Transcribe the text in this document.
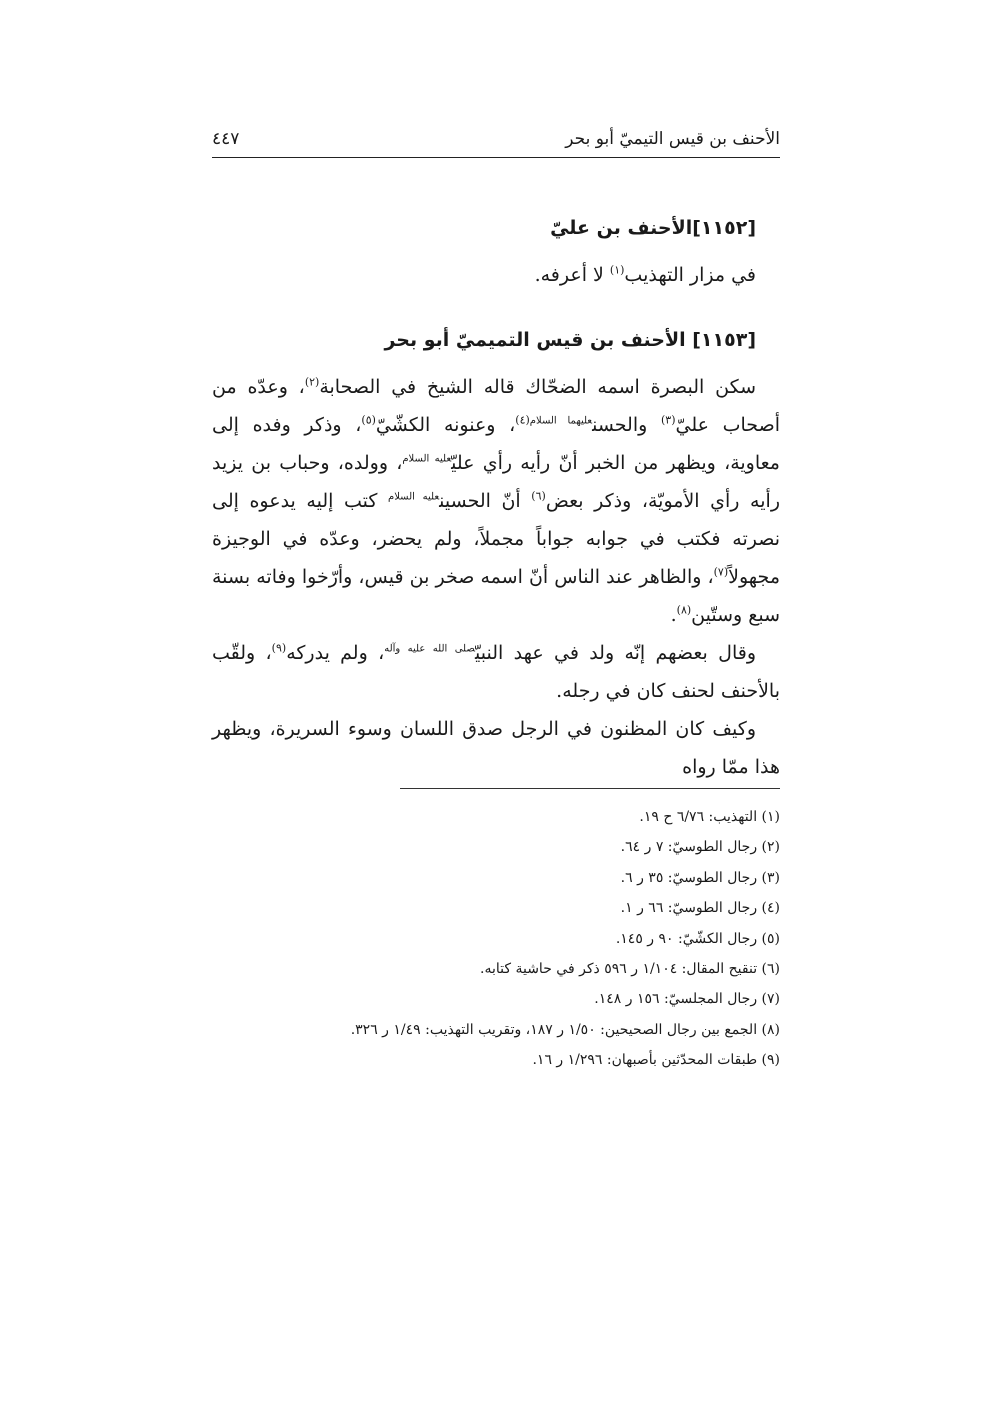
الأحنف بن قيس التيميّ أبو بحر
٤٤٧
[١١٥٢]الأحنف بن عليّ

في مزار التهذيب$^{(١)}$ لا أعرفه.

[١١٥٣] الأحنف بن قيس التميميّ أبو بحر

سكن البصرة اسمه الضحّاك قاله الشيخ في الصحابة$^{(٢)}$، وعدّه من أصحاب عليّ$^{(٣)}$ والحسن$^{عليهما السلام(٤)}$، وعنونه الكشّيّ$^{(٥)}$، وذكر وفده إلى معاوية، ويظهر من الخبر أنّ رأيه رأي عليّ$^{عليه السلام}$، وولده، وحباب بن يزيد رأيه رأي الأمويّة، وذكر بعض$^{(٦)}$ أنّ الحسين$^{عليه السلام}$ كتب إليه يدعوه إلى نصرته فكتب في جوابه جواباً مجملاً، ولم يحضر، وعدّه في الوجيزة مجهولاً$^{(٧)}$، والظاهر عند الناس أنّ اسمه صخر بن قيس، وأرّخوا وفاته بسنة سبع وستّين$^{(٨)}$.

وقال بعضهم إنّه ولد في عهد النبيّ$^{صلى الله عليه وآله}$، ولم يدركه$^{(٩)}$، ولقّب بالأحنف لحنف كان في رجله.

وكيف كان المظنون في الرجل صدق اللسان وسوء السريرة، ويظهر هذا ممّا رواه

(١) التهذيب: ٦/٧٦ ح ١٩.

(٢) رجال الطوسيّ: ٧ ر ٦٤.

(٣) رجال الطوسيّ: ٣٥ ر ٦.

(٤) رجال الطوسيّ: ٦٦ ر ١.

(٥) رجال الكشّيّ: ٩٠ ر ١٤٥.

(٦) تنقيح المقال: ١/١٠٤ ر ٥٩٦ ذكر في حاشية كتابه.

(٧) رجال المجلسيّ: ١٥٦ ر ١٤٨.

(٨) الجمع بين رجال الصحيحين: ١/٥٠ ر ١٨٧، وتقريب التهذيب: ١/٤٩ ر ٣٢٦.

(٩) طبقات المحدّثين بأصبهان: ١/٢٩٦ ر ١٦.
